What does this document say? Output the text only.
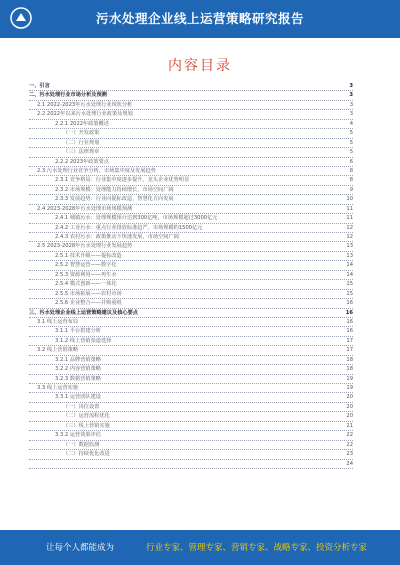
污水处理企业线上运营策略研究报告
内容目录
一、引言	3
二、污水处理行业市场分析及预测	3
2.1 2022-2023年污水处理行业现状分析	3
2.2 2022年以来污水处理行业政策及规划	3
2.2.1 2022年政策概述	4
（一）开发政策	5
（二）行业规划	5
（三）法律规章	5
2.2.2 2023年政策要点	6
2.3 污水处理行业竞争分析、市场集中度及发展趋势	8
2.3.1 竞争格局：行业集中度逐步提升，龙头企业优势明显	8
2.3.2 市场规模：处理能力持续增长，市场空间广阔	9
2.3.3 发展趋势：行业向提标改造、智慧化方向发展	10
2.4 2023-2028年污水处理市场规模预测	11
2.4.1 城镇污水：处理规模预计达到300亿吨，市场规模超过3000亿元	11
2.4.2 工业污水：重点行业排放标准趋严，市场规模约1500亿元	12
2.4.3 农村污水：政策推动下快速发展，市场空间广阔	12
2.5 2023-2028年污水处理行业发展趋势	13
2.5.1 技术升级——提标改造	13
2.5.2 智慧运营——数字化	14
2.5.3 资源利用——再生水	14
2.5.4 模式创新——一体化	15
2.5.5 市场拓展——农村市场	15
2.5.6 企业整合——并购重组	16
三、污水处理企业线上运营策略建议及核心要点	16
3.1 线上运营布局	16
3.1.1 平台搭建分析	16
3.1.2 线上营销渠道选择	17
3.2 线上营销策略	17
3.2.1 品牌营销策略	18
3.2.2 内容营销策略	18
3.2.3 数据营销策略	19
3.3 线上运营实施	19
3.3.1 运营团队建设	20
（一）岗位设置	20
（二）运营流程优化	20
（三）线上营销实施	21
3.3.2 运营效果评估	22
（一）数据监测	22
（二）持续优化改进	23
24
让每个人都能成为	行业专家、管理专家、营销专家、战略专家、投资分析专家
